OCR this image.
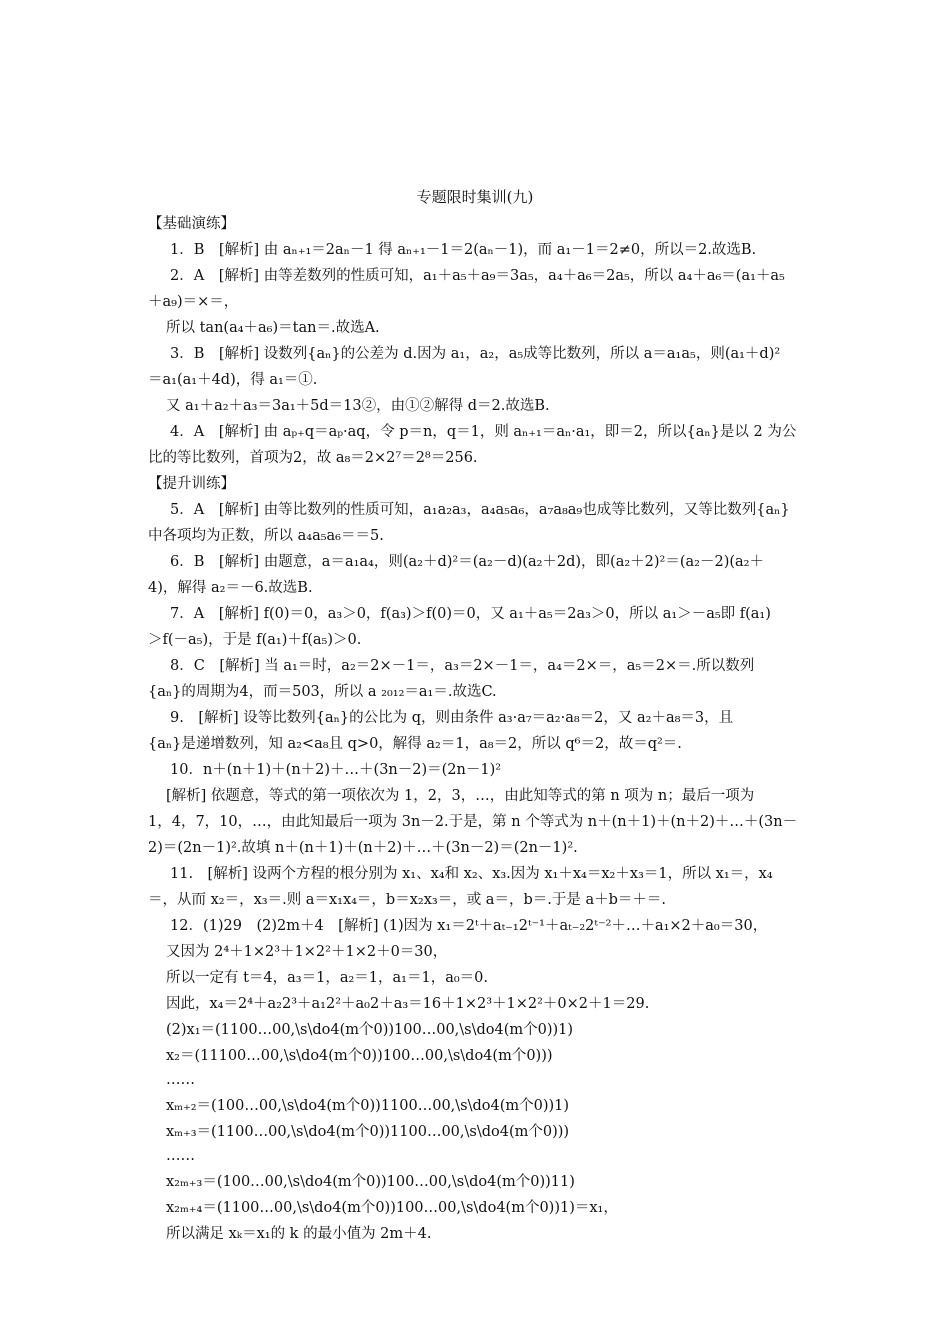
专题限时集训(九)
【基础演练】
1．B　[解析] 由 aₙ₊₁＝2aₙ－1 得 aₙ₊₁－1＝2(aₙ－1)，而 a₁－1＝2≠0，所以＝2.故选B.
2．A　[解析] 由等差数列的性质可知，a₁＋a₅＋a₉＝3a₅，a₄＋a₆＝2a₅，所以 a₄＋a₆＝(a₁＋a₅
＋a₉)＝×＝，
所以 tan(a₄＋a₆)＝tan＝.故选A.
3．B　[解析] 设数列{aₙ}的公差为 d.因为 a₁，a₂，a₅成等比数列，所以 a＝a₁a₅，则(a₁＋d)²
＝a₁(a₁＋4d)，得 a₁＝①.
又 a₁＋a₂＋a₃＝3a₁＋5d＝13②，由①②解得 d＝2.故选B.
4．A　[解析] 由 aₚ₊q＝aₚ·aq，令 p＝n，q＝1，则 aₙ₊₁＝aₙ·a₁，即＝2，所以{aₙ}是以 2 为公
比的等比数列，首项为2，故 a₈＝2×2⁷＝2⁸＝256.
【提升训练】
5．A　[解析] 由等比数列的性质可知，a₁a₂a₃，a₄a₅a₆，a₇a₈a₉也成等比数列，又等比数列{aₙ}
中各项均为正数，所以 a₄a₅a₆＝＝5.
6．B　[解析] 由题意，a＝a₁a₄，则(a₂＋d)²＝(a₂－d)(a₂＋2d)，即(a₂＋2)²＝(a₂－2)(a₂＋
4)，解得 a₂＝－6.故选B.
7．A　[解析] f(0)＝0，a₃＞0，f(a₃)＞f(0)＝0，又 a₁＋a₅＝2a₃＞0，所以 a₁＞－a₅即 f(a₁)
＞f(－a₅)，于是 f(a₁)＋f(a₅)＞0.
8．C　[解析] 当 a₁＝时，a₂＝2×－1＝，a₃＝2×－1＝，a₄＝2×＝，a₅＝2×＝.所以数列
{aₙ}的周期为4，而＝503，所以 a ₂₀₁₂＝a₁＝.故选C.
9.　[解析] 设等比数列{aₙ}的公比为 q，则由条件 a₃·a₇＝a₂·a₈＝2，又 a₂＋a₈＝3，且
{aₙ}是递增数列，知 a₂<a₈且 q>0，解得 a₂＝1，a₈＝2，所以 q⁶＝2，故＝q²＝.
10．n＋(n＋1)＋(n＋2)＋…＋(3n－2)＝(2n－1)²
[解析] 依题意，等式的第一项依次为 1，2，3，…，由此知等式的第 n 项为 n；最后一项为
1，4，7，10，…，由此知最后一项为 3n－2.于是，第 n 个等式为 n＋(n＋1)＋(n＋2)＋…＋(3n－
2)＝(2n－1)².故填 n＋(n＋1)＋(n＋2)＋…＋(3n－2)＝(2n－1)².
11.　[解析] 设两个方程的根分别为 x₁、x₄和 x₂、x₃.因为 x₁＋x₄＝x₂＋x₃＝1，所以 x₁＝，x₄
＝，从而 x₂＝，x₃＝.则 a＝x₁x₄＝，b＝x₂x₃＝，或 a＝，b＝.于是 a＋b＝＋＝.
12．(1)29　(2)2m＋4　[解析] (1)因为 x₁＝2ᵗ＋aₜ₋₁2ᵗ⁻¹＋aₜ₋₂2ᵗ⁻²＋…＋a₁×2＋a₀＝30，
又因为 2⁴＋1×2³＋1×2²＋1×2＋0＝30，
所以一定有 t＝4，a₃＝1，a₂＝1，a₁＝1，a₀＝0.
因此，x₄＝2⁴＋a₂2³＋a₁2²＋a₀2＋a₃＝16＋1×2³＋1×2²＋0×2＋1＝29.
(2)x₁＝(1100…00,\s\do4(m个0))100…00,\s\do4(m个0))1)
x₂＝(11100…00,\s\do4(m个0))100…00,\s\do4(m个0)))
……
xₘ₊₂＝(100…00,\s\do4(m个0))1100…00,\s\do4(m个0))1)
xₘ₊₃＝(1100…00,\s\do4(m个0))1100…00,\s\do4(m个0)))
……
x₂ₘ₊₃＝(100…00,\s\do4(m个0))100…00,\s\do4(m个0))11)
x₂ₘ₊₄＝(1100…00,\s\do4(m个0))100…00,\s\do4(m个0))1)＝x₁，
所以满足 xₖ＝x₁的 k 的最小值为 2m＋4.
